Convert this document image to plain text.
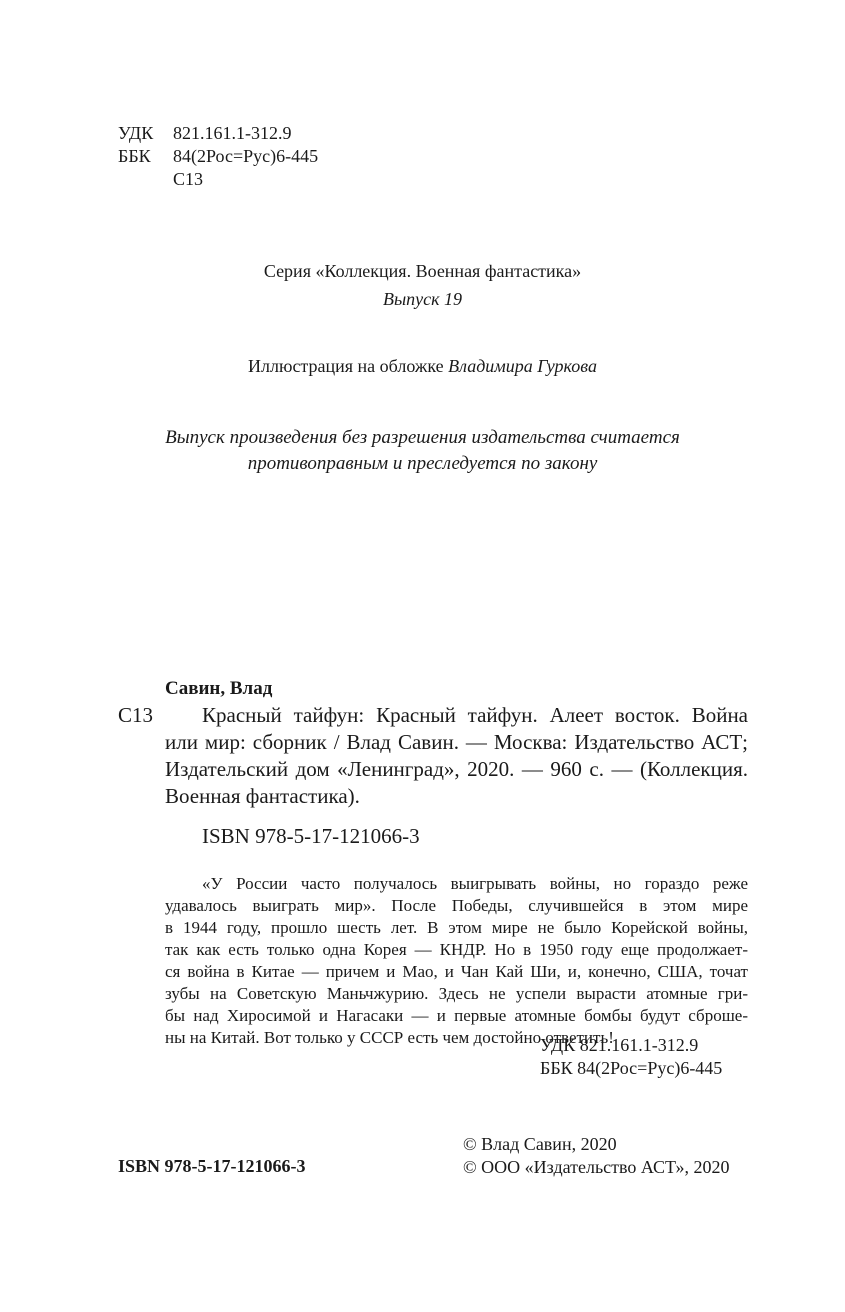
УДК	821.161.1-312.9
ББК	84(2Рос=Рус)6-445
С13
Серия «Коллекция. Военная фантастика»
Выпуск 19
Иллюстрация на обложке Владимира Гуркова
Выпуск произведения без разрешения издательства считается
противоправным и преследуется по закону
Савин, Влад
С13	Красный тайфун: Красный тайфун. Алеет восток. Война
или мир: сборник / Влад Савин. — Москва: Издательство АСТ;
Издательский дом «Ленинград», 2020. — 960 с. — (Коллекция.
Военная фантастика).
ISBN 978-5-17-121066-3
«У России часто получалось выигрывать войны, но гораздо реже
удавалось выиграть мир». После Победы, случившейся в этом мире
в 1944 году, прошло шесть лет. В этом мире не было Корейской войны,
так как есть только одна Корея — КНДР. Но в 1950 году еще продолжает-
ся война в Китае — причем и Мао, и Чан Кай Ши, и, конечно, США, точат
зубы на Советскую Маньчжурию. Здесь не успели вырасти атомные гри-
бы над Хиросимой и Нагасаки — и первые атомные бомбы будут сброше-
ны на Китай. Вот только у СССР есть чем достойно ответить!
УДК 821.161.1-312.9
ББК 84(2Рос=Рус)6-445
© Влад Савин, 2020
© ООО «Издательство АСТ», 2020
ISBN 978-5-17-121066-3
